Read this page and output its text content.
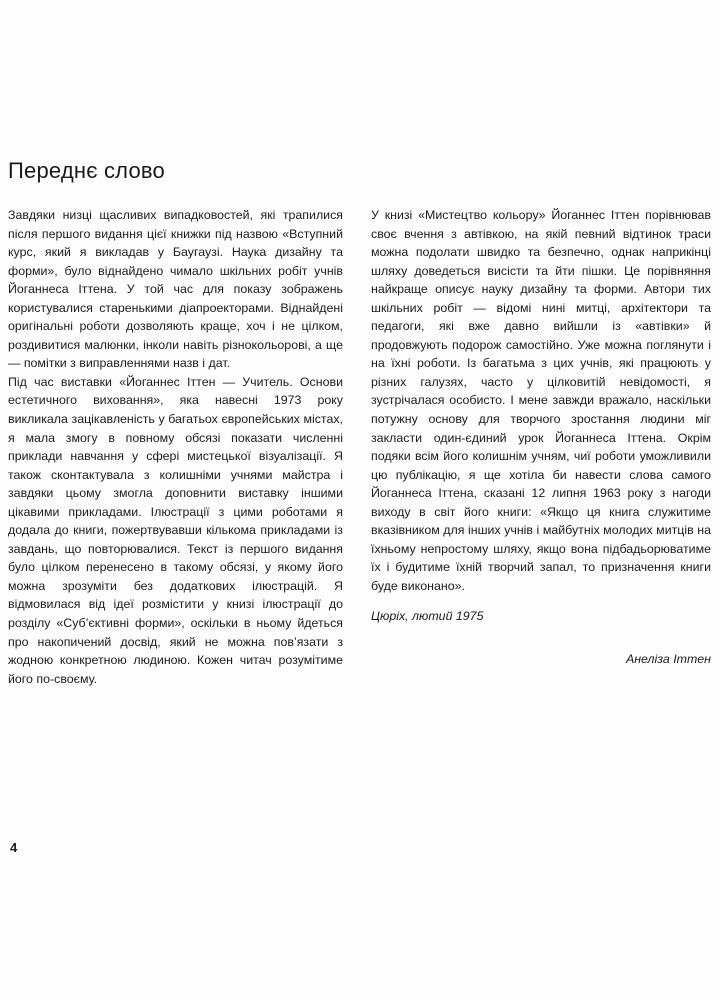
Переднє слово

Завдяки низці щасливих випадковостей, які трапилися після першого видання цієї книжки під назвою «Вступний курс, який я викладав у Баугаузі. Наука дизайну та форми», було віднайдено чимало шкільних робіт учнів Йоганнеса Іттена. У той час для показу зображень користувалися старенькими діапроекторами. Віднайдені оригінальні роботи дозволяють краще, хоч і не цілком, роздивитися малюнки, інколи навіть різнокольорові, а ще — помітки з виправленнями назв і дат.

Під час виставки «Йоганнес Іттен — Учитель. Основи естетичного виховання», яка навесні 1973 року викликала зацікавленість у багатьох європейських містах, я мала змогу в повному обсязі показати численні приклади навчання у сфері мистецької візуалізації. Я також сконтактувала з колишніми учнями майстра і завдяки цьому змогла доповнити виставку іншими цікавими прикладами. Ілюстрації з цими роботами я додала до книги, пожертвувавши кількома прикладами із завдань, що повторювалися. Текст із першого видання було цілком перенесено в такому обсязі, у якому його можна зрозуміти без додаткових ілюстрацій. Я відмовилася від ідеї розмістити у книзі ілюстрації до розділу «Суб’єктивні форми», оскільки в ньому йдеться про накопичений досвід, який не можна пов’язати з жодною конкретною людиною. Кожен читач розумітиме його по-своєму.

У книзі «Мистецтво кольору» Йоганнес Іттен порівнював своє вчення з автівкою, на якій певний відтинок траси можна подолати швидко та безпечно, однак наприкінці шляху доведеться висісти та йти пішки. Це порівняння найкраще описує науку дизайну та форми. Автори тих шкільних робіт — відомі нині митці, архітектори та педагоги, які вже давно вийшли із «автівки» й продовжують подорож самостійно. Уже можна поглянути і на їхні роботи. Із багатьма з цих учнів, які працюють у різних галузях, часто у цілковитій невідомості, я зустрічалася особисто. І мене завжди вражало, наскільки потужну основу для творчого зростання людини міг закласти один-єдиний урок Йоганнеса Іттена. Окрім подяки всім його колишнім учням, чиї роботи уможливили цю публікацію, я ще хотіла би навести слова самого Йоганнеса Іттена, сказані 12 липня 1963 року з нагоди виходу в світ його книги: «Якщо ця книга служитиме вказівником для інших учнів і майбутніх молодих митців на їхньому непростому шляху, якщо вона підбадьорюватиме їх і будитиме їхній творчий запал, то призначення книги буде виконано».

Цюріх, лютий 1975

Анеліза Іттен

4
